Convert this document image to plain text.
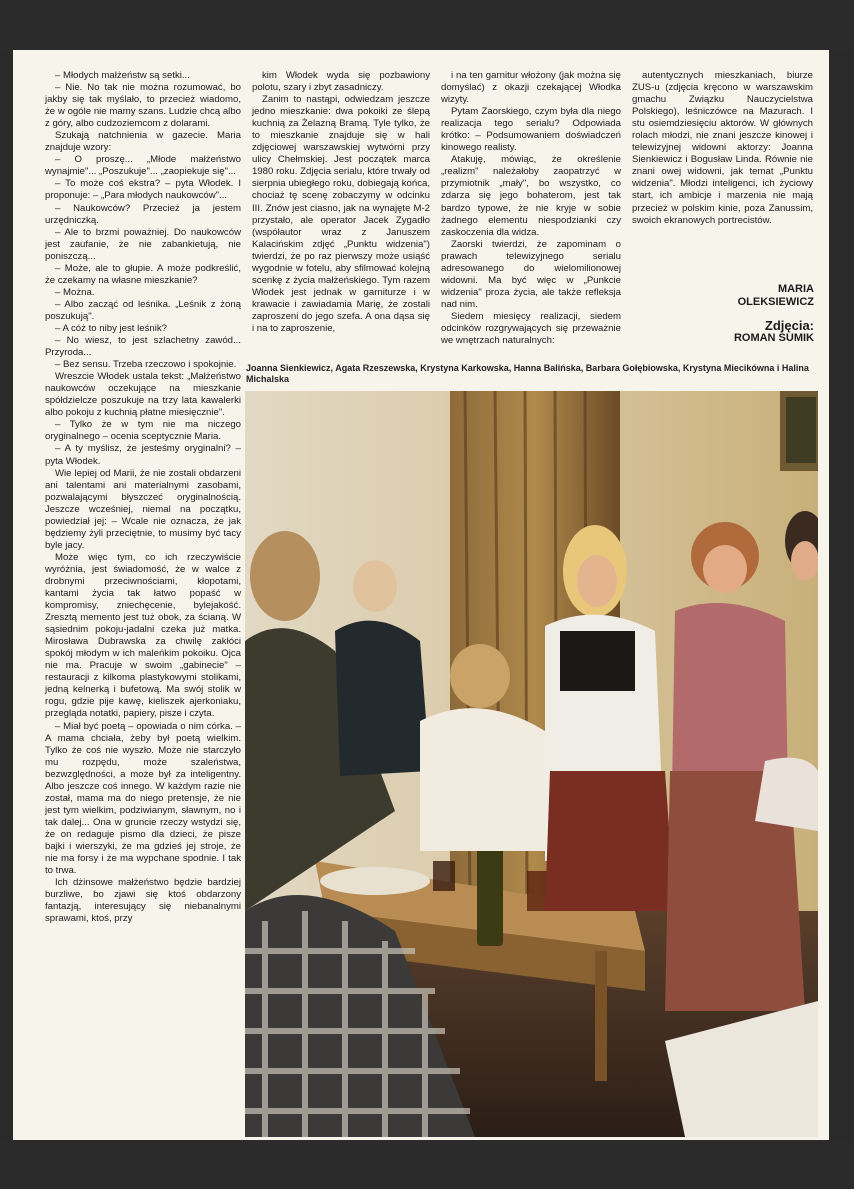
– Młodych małżeństw są setki...

– Nie. No tak nie można rozumować, bo jakby się tak myślało, to przecież wiadomo, że w ogóle nie mamy szans. Ludzie chcą albo z góry, albo cudzoziemcom z dolarami.

Szukają natchnienia w gazecie. Maria znajduje wzory:

– O proszę... „Młode małżeństwo wynajmie"... „Poszukuje"... „zaopiekuje się"...

– To może coś ekstra? – pyta Włodek. I proponuje: – „Para młodych naukowców"...

– Naukowców? Przecież ja jestem urzędniczką.

– Ale to brzmi poważniej. Do naukowców jest zaufanie, że nie zabankietują, nie poniszczą...

– Może, ale to głupie. A może podkreślić, że czekamy na własne mieszkanie?

– Można.

– Albo zacząć od leśnika. „Leśnik z żoną poszukują".

– A cóż to niby jest leśnik?

– No wiesz, to jest szlachetny zawód... Przyroda...

– Bez sensu. Trzeba rzeczowo i spokojnie.

Wreszcie Włodek ustala tekst: „Małżeństwo naukowców oczekujące na mieszkanie spółdzielcze poszukuje na trzy lata kawalerki albo pokoju z kuchnią płatne miesięcznie".

– Tylko że w tym nie ma niczego oryginalnego – ocenia sceptycznie Maria.

– A ty myślisz, że jesteśmy oryginalni? – pyta Włodek.

Wie lepiej od Marii, że nie zostali obdarzeni ani talentami ani materialnymi zasobami, pozwalającymi błyszczeć oryginalnością. Jeszcze wcześniej, niemal na początku, powiedział jej: – Wcale nie oznacza, że jak będziemy żyli przeciętnie, to musimy być tacy byle jacy.

Może więc tym, co ich rzeczywiście wyróżnia, jest świadomość, że w walce z drobnymi przeciwnościami, kłopotami, kantami życia tak łatwo popaść w kompromisy, zniechęcenie, bylejakość. Zresztą memento jest tuż obok, za ścianą. W sąsiednim pokoju-jadalni czeka już matka. Mirosława Dubrawska za chwilę zakłóci spokój młodym w ich maleńkim pokoiku. Ojca nie ma. Pracuje w swoim „gabinecie" – restauracji z kilkoma plastykowymi stolikami, jedną kelnerką i bufetową. Ma swój stolik w rogu, gdzie pije kawę, kieliszek ajerkoniaku, przegląda notatki, papiery, pisze i czyta.

– Miał być poetą – opowiada o nim córka. – A mama chciała, żeby był poetą wielkim. Tylko że coś nie wyszło. Może nie starczyło mu rozpędu, może szaleństwa, bezwzględności, a może był za inteligentny. Albo jeszcze coś innego. W każdym razie nie został, mama ma do niego pretensje, że nie jest tym wielkim, podziwianym, sławnym, no i tak dalej... Ona w gruncie rzeczy wstydzi się, że on redaguje pismo dla dzieci, że pisze bajki i wierszyki, że ma gdzieś jej stroje, że nie ma forsy i że ma wypchane spodnie. I tak to trwa.

Ich dżinsowe małżeństwo będzie bardziej burzliwe, bo zjawi się ktoś obdarzony fantazją, interesujący się niebanalnymi sprawami, ktoś, przy

kim Włodek wyda się pozbawiony polotu, szary i zbyt zasadniczy.

Zanim to nastąpi, odwiedzam jeszcze jedno mieszkanie: dwa pokoiki ze ślepą kuchnią za Żelazną Bramą. Tyle tylko, że to mieszkanie znajduje się w hali zdjęciowej warszawskiej wytwórni przy ulicy Chełmskiej. Jest początek marca 1980 roku. Zdjęcia serialu, które trwały od sierpnia ubiegłego roku, dobiegają końca, chociaż tę scenę zobaczymy w odcinku III. Znów jest ciasno, jak na wynajęte M-2 przystało, ale operator Jacek Zygadło (współautor wraz z Januszem Kalacińskim zdjęć „Punktu widzenia") twierdzi, że po raz pierwszy może usiąść wygodnie w fotelu, aby sfilmować kolejną scenkę z życia małżeńskiego. Tym razem Włodek jest jednak w garniturze i w krawacie i zawiadamia Marię, że zostali zaproszeni do jego szefa. A ona dąsa się i na to zaproszenie,

i na ten garnitur włożony (jak można się domyślać) z okazji czekającej Włodka wizyty.

Pytam Zaorskiego, czym była dla niego realizacja tego serialu? Odpowiada krótko: – Podsumowaniem doświadczeń kinowego realisty.

Atakuję, mówiąc, że określenie „realizm" należałoby zaopatrzyć w przymiotnik „mały", bo wszystko, co zdarza się jego bohaterom, jest tak bardzo typowe, że nie kryje w sobie żadnego elementu niespodzianki czy zaskoczenia dla widza.

Zaorski twierdzi, że zapominam o prawach telewizyjnego serialu adresowanego do wielomilionowej widowni. Ma być więc w „Punkcie widzenia" proza życia, ale także refleksja nad nim.

Siedem miesięcy realizacji, siedem odcinków rozgrywających się przeważnie we wnętrzach naturalnych:

autentycznych mieszkaniach, biurze ZUS-u (zdjęcia kręcono w warszawskim gmachu Związku Nauczycielstwa Polskiego), leśniczówce na Mazurach. I stu osiemdziesięciu aktorów. W głównych rolach młodzi, nie znani jeszcze kinowej i telewizyjnej widowni aktorzy: Joanna Sienkiewicz i Bogusław Linda. Równie nie znani owej widowni, jak temat „Punktu widzenia". Młodzi inteligenci, ich życiowy start, ich ambicje i marzenia nie mają przecież w polskim kinie, poza Zanussim, swoich ekranowych portrecistów.

MARIA
OLEKSIEWICZ
Zdjęcia:
ROMAN SUMIK
Joanna Sienkiewicz, Agata Rzeszewska, Krystyna Karkowska, Hanna Balińska, Barbara Gołębiowska, Krystyna Miecikówna i Halina Michalska
